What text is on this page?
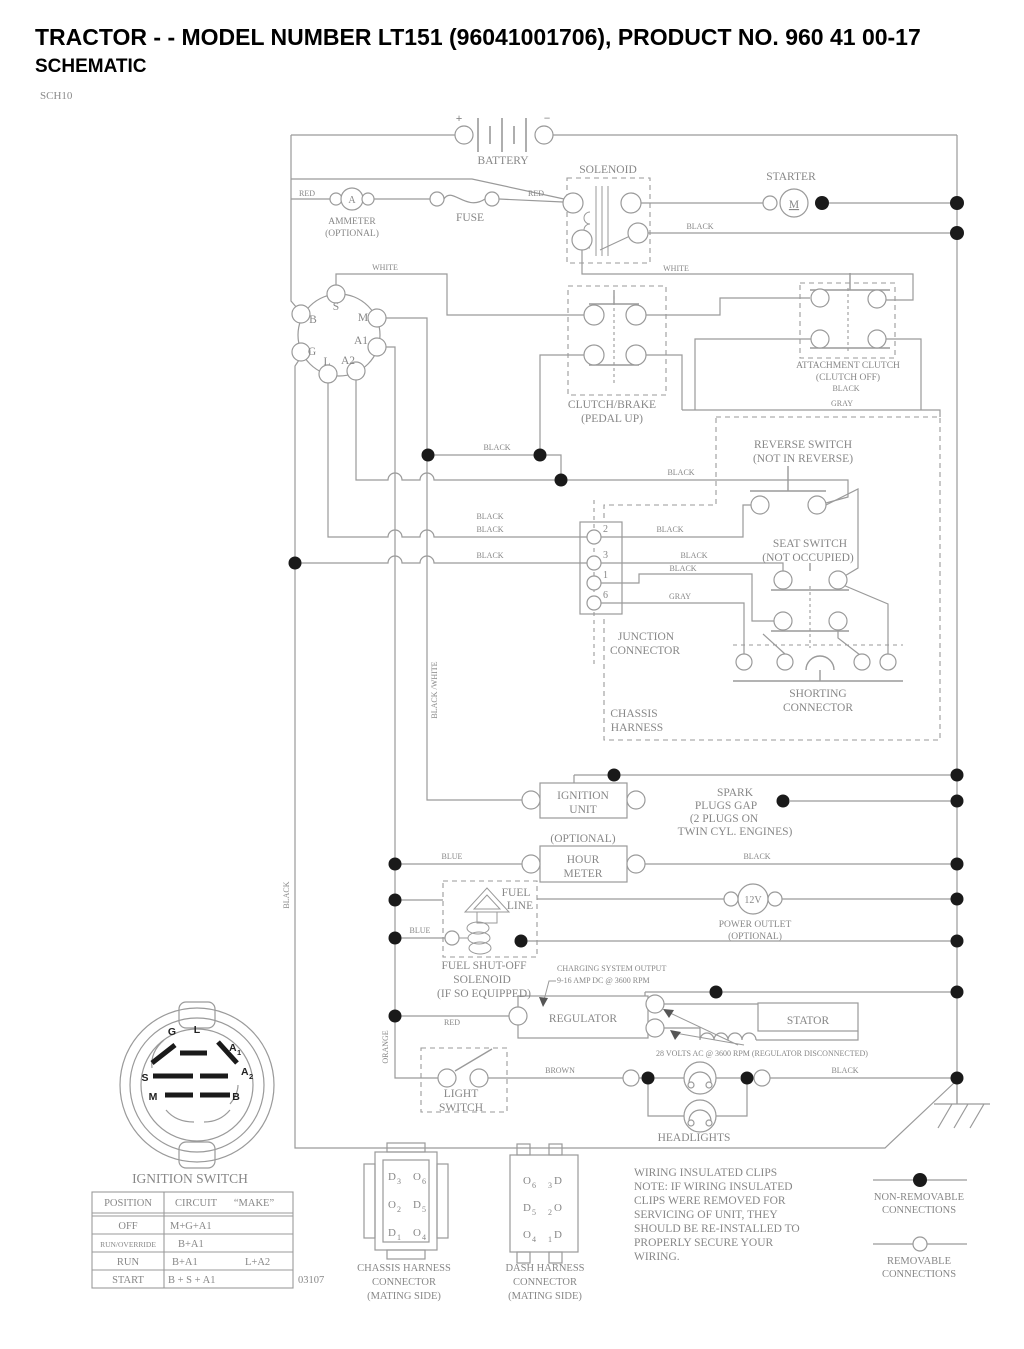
TRACTOR - - MODEL NUMBER LT151 (96041001706), PRODUCT NO. 960 41 00-17
SCHEMATIC
SCH10
BATTERY
+	−
SOLENOID
STARTER
M
A
AMMETER
(OPTIONAL)
FUSE
RED	RED
BLACK
WHITE	WHITE
S
B	M
G
A1
L A2
CLUTCH/BRAKE
(PEDAL UP)
ATTACHMENT CLUTCH
(CLUTCH OFF)
BLACK
GRAY
REVERSE SWITCH
(NOT IN REVERSE)
SEAT SWITCH
(NOT OCCUPIED)
BLACK
BLACK
BLACK
BLACK
BLACK
BLACK
BLACK
BLACK
GRAY
2
3
1
6
JUNCTION
CONNECTOR
CHASSIS
HARNESS
SHORTING
CONNECTOR
BLACK /WHITE
BLACK
ORANGE
IGNITION
UNIT
SPARK
PLUGS GAP
(2 PLUGS ON
TWIN CYL. ENGINES)
(OPTIONAL)
HOUR
METER
BLUE	BLACK
FUEL
LINE	12V
POWER OUTLET
(OPTIONAL)
BLUE
FUEL SHUT-OFF
SOLENOID
(IF SO EQUIPPED)
CHARGING SYSTEM OUTPUT
9-16 AMP DC @ 3600 RPM
REGULATOR	STATOR
RED
28 VOLTS AC @ 3600 RPM (REGULATOR DISCONNECTED)
LIGHT
SWITCH
BROWN	BLACK
HEADLIGHTS
G L
A 1
A 2
S
M	B
IGNITION SWITCH
POSITION CIRCUIT “MAKE”
OFF	M+G+A1
RUN/OVERRIDE B+A1
RUN	B+A1	L+A2
START B + S + A1	03107
D 3 O 6
O 2 D 5
D 1 O 4
CHASSIS HARNESS
CONNECTOR
(MATING SIDE)
O 6 3 D
D 5 2 O
O 4 1 D
DASH HARNESS
CONNECTOR
(MATING SIDE)
WIRING INSULATED CLIPS
NOTE: IF WIRING INSULATED
CLIPS WERE REMOVED FOR
SERVICING OF UNIT, THEY
SHOULD BE RE-INSTALLED TO
PROPERLY SECURE YOUR
WIRING.
NON-REMOVABLE
CONNECTIONS
REMOVABLE
CONNECTIONS
